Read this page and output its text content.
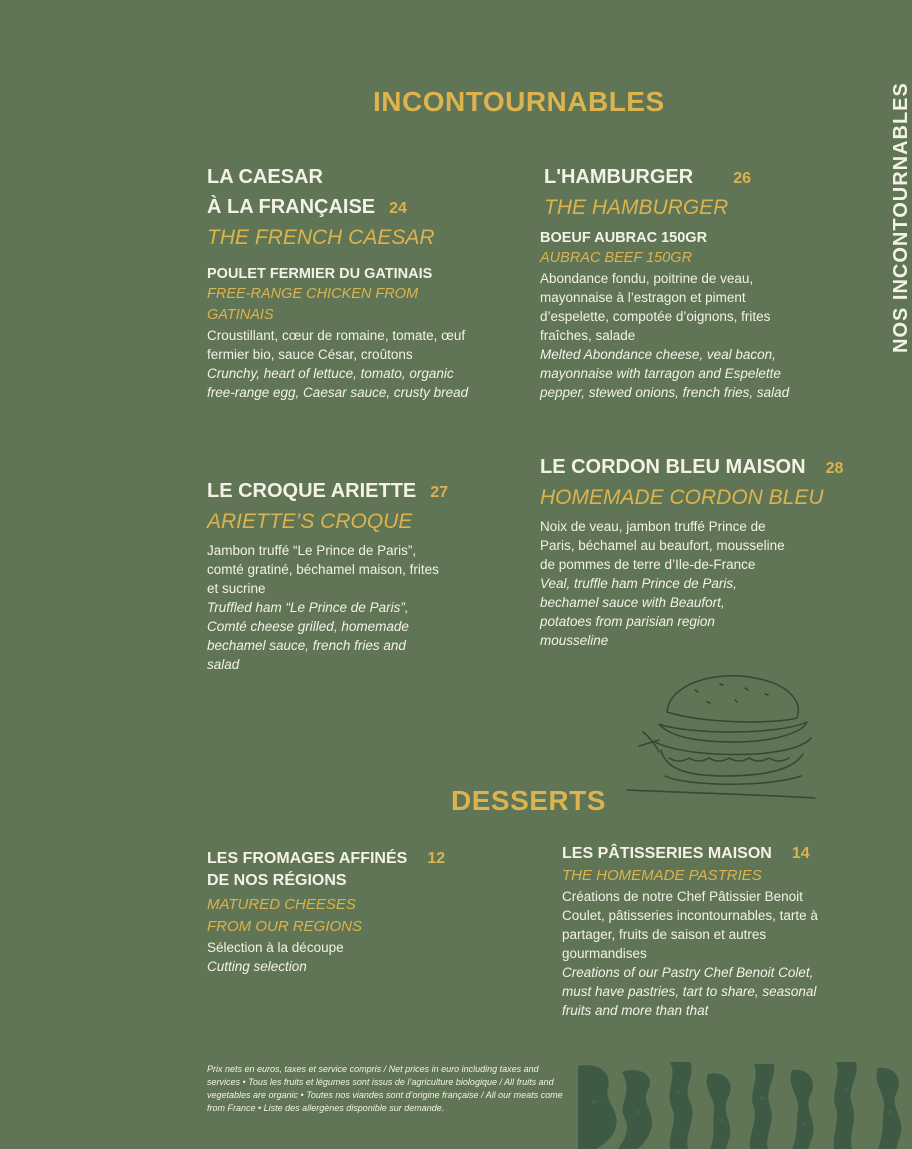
INCONTOURNABLES	NOS INCONTOURNABLES
LA CAESAR
À LA FRANÇAISE 24
THE FRENCH CAESAR
POULET FERMIER DU GATINAIS
FREE-RANGE CHICKEN FROM GATINAIS
Croustillant, cœur de romaine, tomate, œuf fermier bio, sauce César, croûtons
Crunchy, heart of lettuce, tomato, organic free-range egg, Caesar sauce, crusty bread
L'HAMBURGER	26
THE HAMBURGER
BOEUF AUBRAC 150GR
AUBRAC BEEF 150GR
Abondance fondu, poitrine de veau, mayonnaise à l’estragon et piment d’espelette, compotée d’oignons, frites fraîches, salade
Melted Abondance cheese, veal bacon, mayonnaise with tarragon and Espelette pepper, stewed onions, french fries, salad
LE CROQUE ARIETTE 27
ARIETTE’S CROQUE
Jambon truffé “Le Prince de Paris”, comté gratiné, béchamel maison, frites et sucrine
Truffled ham “Le Prince de Paris”, Comté cheese grilled, homemade bechamel sauce, french fries and salad
LE CORDON BLEU MAISON 28
HOMEMADE CORDON BLEU
Noix de veau, jambon truffé Prince de Paris, béchamel au beaufort, mousseline de pommes de terre d’Ile-de-France
Veal, truffle ham Prince de Paris, bechamel sauce with Beaufort, potatoes from parisian region mousseline
DESSERTS
LES FROMAGES AFFINÉS 12
DE NOS RÉGIONS
MATURED CHEESES
FROM OUR REGIONS
Sélection à la découpe
Cutting selection
LES PÂTISSERIES MAISON 14
THE HOMEMADE PASTRIES
Créations de notre Chef Pâtissier Benoit Coulet, pâtisseries incontournables, tarte à partager, fruits de saison et autres gourmandises
Creations of our Pastry Chef Benoit Colet, must have pastries, tart to share, seasonal fruits and more than that
Prix nets en euros, taxes et service compris / Net prices in euro including taxes and services • Tous les fruits et légumes sont issus de l’agriculture biologique / All fruits and vegetables are organic • Toutes nos viandes sont d’origine française / All our meats come from France • Liste des allergènes disponible sur demande.
